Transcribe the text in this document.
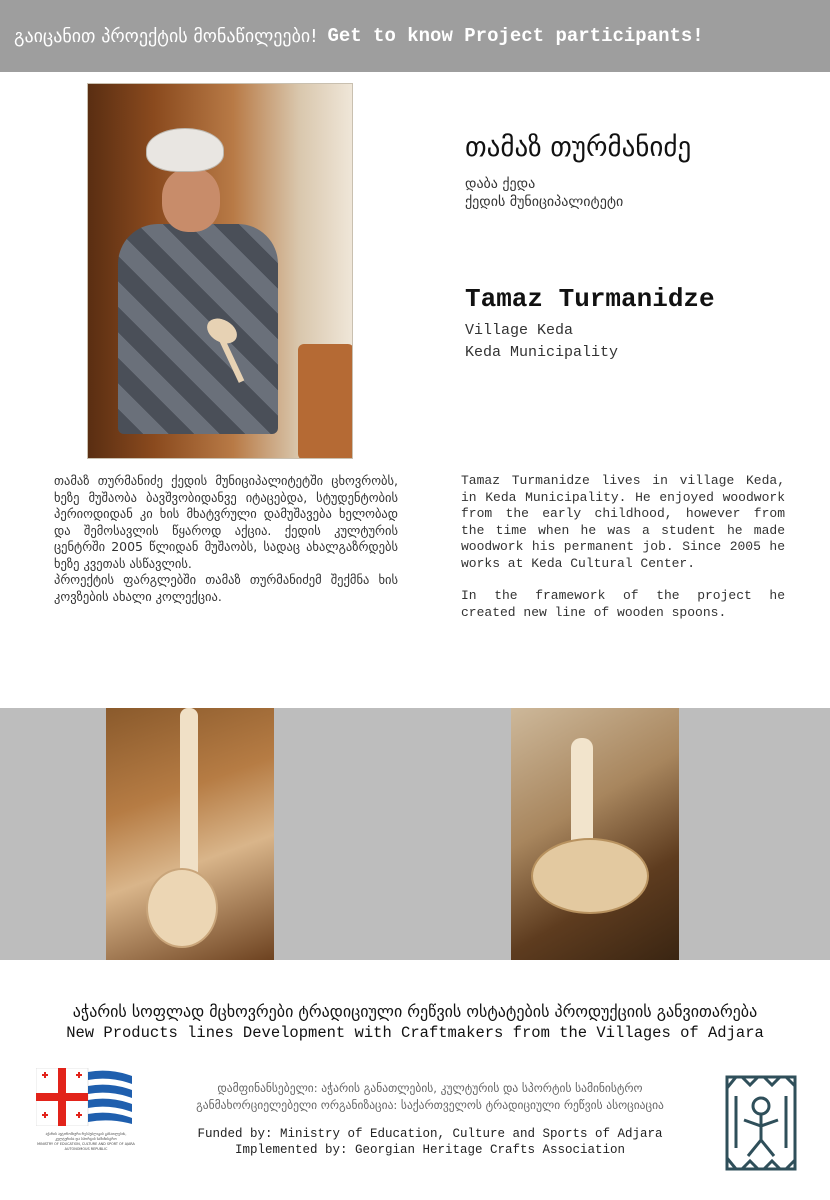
გაიცანით პროექტის მონაწილეები! Get to know Project participants!
თამაზ თურმანიძე
დაბა ქედა
ქედის მუნიციპალიტეტი
Tamaz Turmanidze
Village Keda
Keda Municipality

თამაზ თურმანიძე ქედის მუნიციპალიტეტში ცხოვრობს, ხეზე მუშაობა ბავშვობიდანვე იტაცებდა, სტუდენტობის პერიოდიდან კი ხის მხატვრული დამუშავება ხელობად და შემოსავლის წყაროდ აქცია. ქედის კულტურის ცენტრში 2005 წლიდან მუშაობს, სადაც ახალგაზრდებს ხეზე კვეთას ასწავლის.

პროექტის ფარგლებში თამაზ თურმანიძემ შექმნა ხის კოვზების ახალი კოლექცია.

Tamaz Turmanidze lives in village Keda, in Keda Municipality. He enjoyed woodwork from the early childhood, however from the time when he was a student he made woodwork his permanent job. Since 2005 he works at Keda Cultural Center.

In the framework of the project he created new line of wooden spoons.

აჭარის სოფლად მცხოვრები ტრადიციული რეწვის ოსტატების პროდუქციის განვითარება
New Products lines Development with Craftmakers from the Villages of Adjara
აჭარის ავტონომიური რესპუბლიკის განათლების, კულტურისა და სპორტის სამინისტრო
MINISTRY OF EDUCATION, CULTURE AND SPORT OF AJARA AUTONOMOUS REPUBLIC
დამფინანსებელი: აჭარის განათლების, კულტურის და სპორტის სამინისტრო
განმახორციელებელი ორგანიზაცია: საქართველოს ტრადიციული რეწვის ასოციაცია
Funded by: Ministry of Education, Culture and Sports of Adjara
Implemented by: Georgian Heritage Crafts Association
